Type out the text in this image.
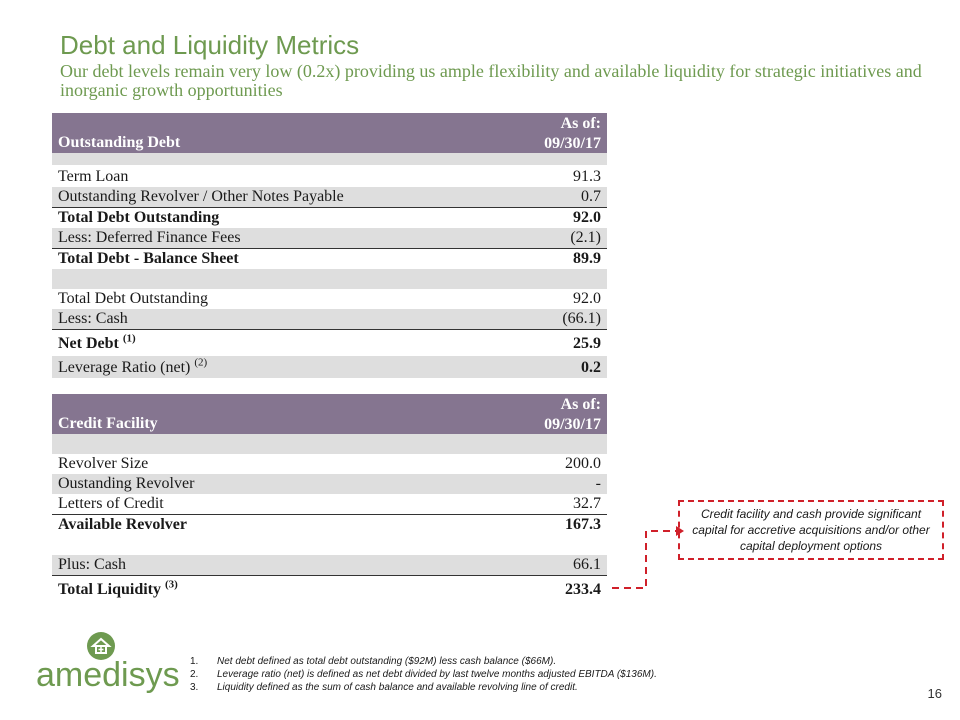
Debt and Liquidity Metrics
Our debt levels remain very low (0.2x) providing us ample flexibility and available liquidity for strategic initiatives and inorganic growth opportunities
Outstanding Debt
As of:
09/30/17
Term Loan	91.3
Outstanding Revolver / Other Notes Payable	0.7
Total Debt Outstanding	92.0
Less: Deferred Finance Fees	(2.1)
Total Debt - Balance Sheet	89.9
Total Debt Outstanding	92.0
Less: Cash	(66.1)
Net Debt $^{(1)}$	25.9
Leverage Ratio (net) $^{(2)}$	0.2
Credit Facility
As of:
09/30/17
Revolver Size	200.0
Oustanding Revolver	-
Letters of Credit	32.7
Available Revolver	167.3
Plus: Cash	66.1
Total Liquidity $^{(3)}$	233.4
Credit facility and cash provide significant capital for accretive acquisitions and/or other capital deployment options
amedisys 1.	Net debt defined as total debt outstanding ($92M) less cash balance ($66M).
2.	Leverage ratio (net) is defined as net debt divided by last twelve months adjusted EBITDA ($136M).
3.	Liquidity defined as the sum of cash balance and available revolving line of credit.	16
